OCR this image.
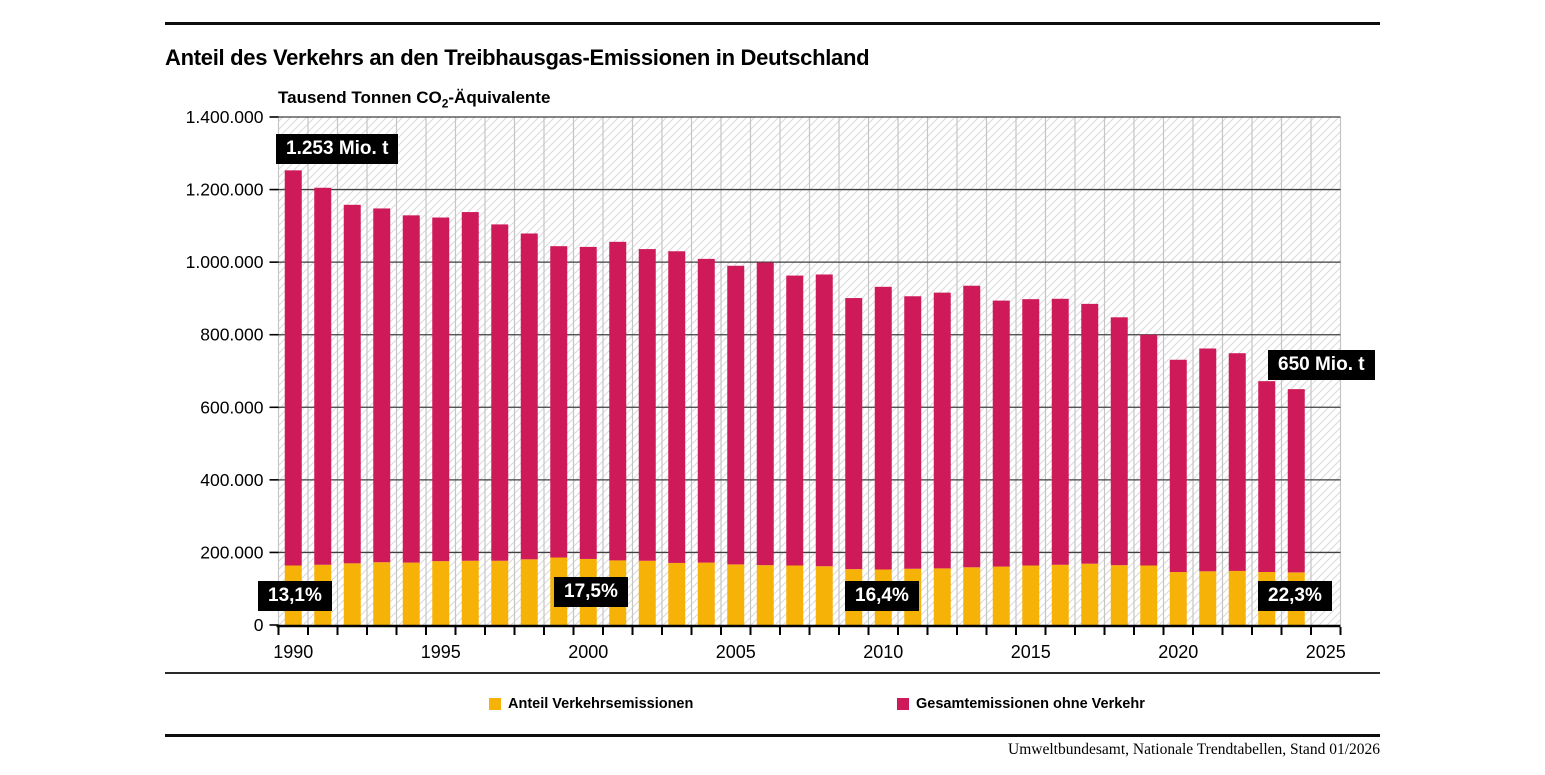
Anteil des Verkehrs an den Treibhausgas-Emissionen in Deutschland
Tausend Tonnen $CO_2$-Äquivalente
1990	1995	2000	2005	2010	2015	2020	2025
1.400.000
1.200.000
1.000.000
800.000
600.000
400.000
200.000
0
1.253 Mio. t
650 Mio. t
13,1%	17,5%	16,4%	22,3%
Anteil Verkehrsemissionen	Gesamtemissionen ohne Verkehr
Umweltbundesamt, Nationale Trendtabellen, Stand 01/2026
